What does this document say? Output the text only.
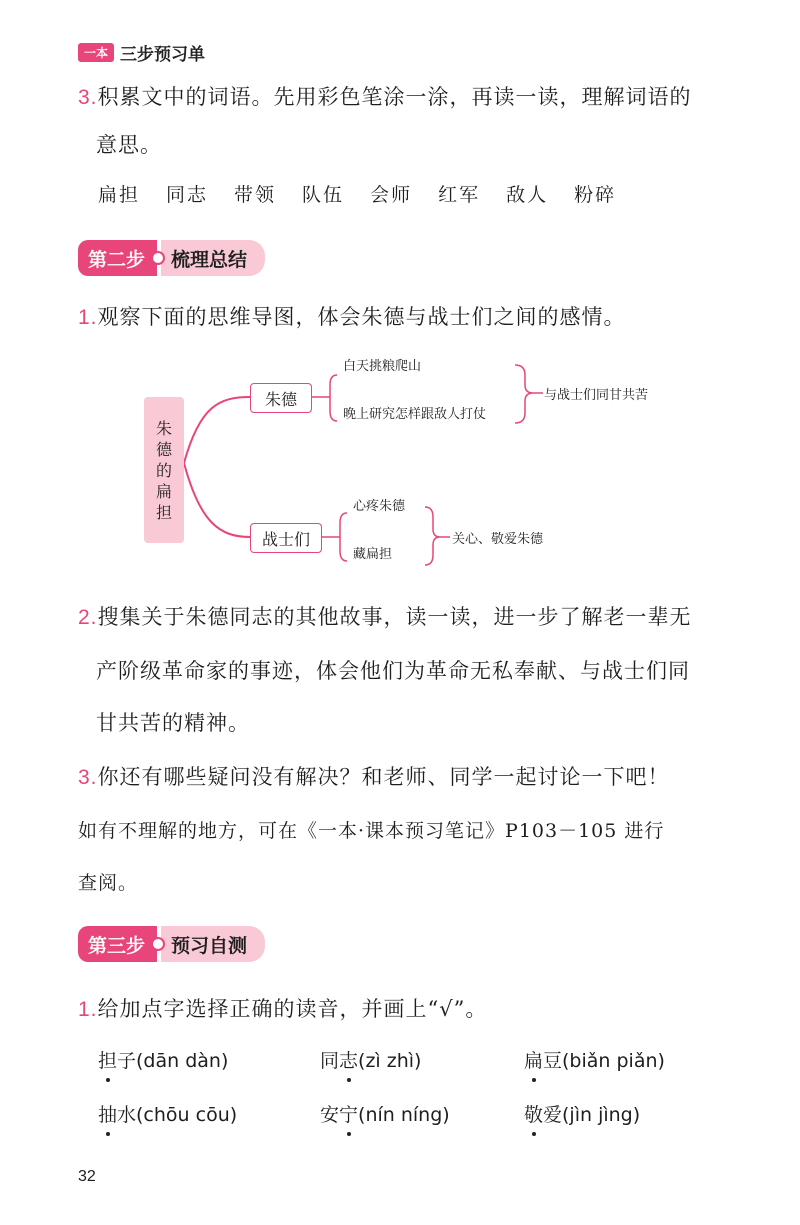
一本 三步预习单
3.积累文中的词语。先用彩色笔涂一涂，再读一读，理解词语的
意思。
扁担 同志 带领 队伍 会师 红军 敌人 粉碎
第二步	梳理总结
1.观察下面的思维导图，体会朱德与战士们之间的感情。
朱
德
的
扁
担
朱德
战士们
白天挑粮爬山
晚上研究怎样跟敌人打仗
与战士们同甘共苦
心疼朱德
藏扁担
关心、敬爱朱德
2.搜集关于朱德同志的其他故事，读一读，进一步了解老一辈无
产阶级革命家的事迹，体会他们为革命无私奉献、与战士们同
甘共苦的精神。
3.你还有哪些疑问没有解决？和老师、同学一起讨论一下吧！
如有不理解的地方，可在《一本·课本预习笔记》P103－105 进行
查阅。
第三步	预习自测
1.给加点字选择正确的读音，并画上“√”。
担子(dān dàn)	同志(zì zhì)	扁豆(biǎn piǎn)
抽水(chōu cōu)	安宁(nín níng)	敬爱(jìn jìng)
32
